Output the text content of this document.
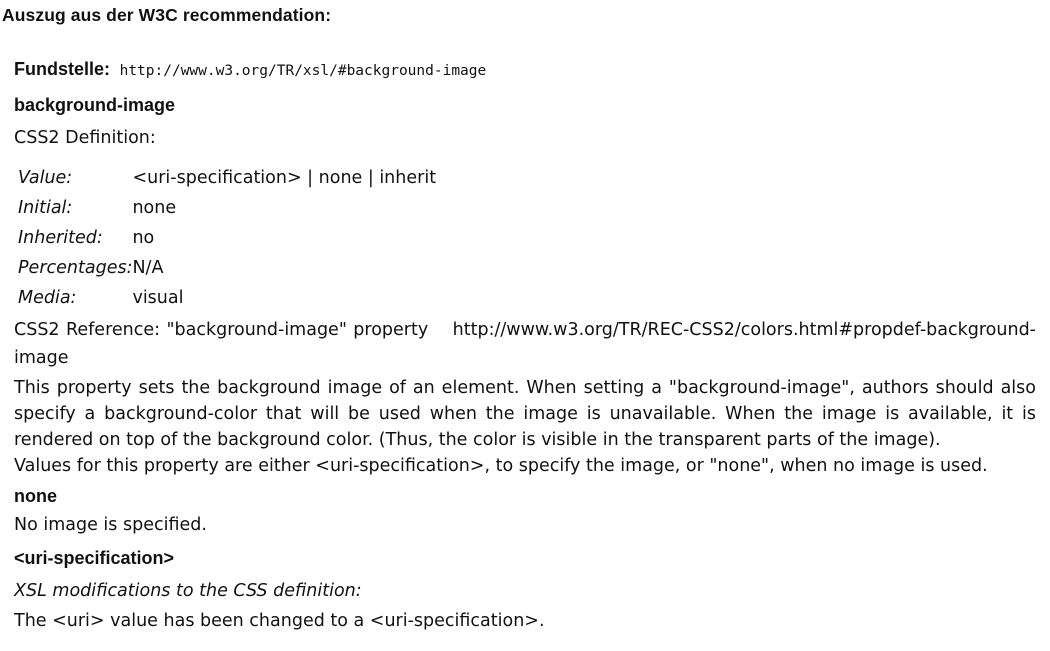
Auszug aus der W3C recommendation:
Fundstelle: http://www.w3.org/TR/xsl/#background-image
background-image
CSS2 Definition:
Value:	<uri-specification> | none | inherit
Initial:	none
Inherited:	no
Percentages:	N/A
Media:	visual
CSS2 Reference: "background-image" property http://www.w3.org/TR/REC-CSS2/colors.html#propdef-background-image
This property sets the background image of an element. When setting a "background-image", authors should also specify a background-color that will be used when the image is unavailable. When the image is available, it is rendered on top of the background color. (Thus, the color is visible in the transparent parts of the image).
Values for this property are either <uri-specification>, to specify the image, or "none", when no image is used.
none
No image is specified.
<uri-specification>
XSL modifications to the CSS definition:
The <uri> value has been changed to a <uri-specification>.
